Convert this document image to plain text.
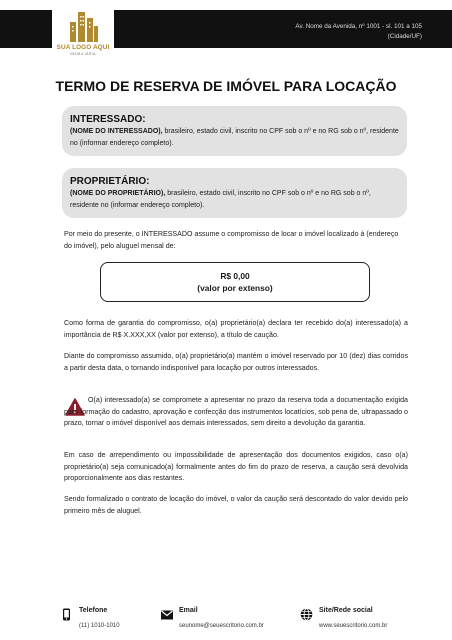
SUA LOGO AQUI
IMOBILIÁRIA
Av. Nome da Avenida, nº 1001 - sl. 101 a 105
(Cidade/UF)
TERMO DE RESERVA DE IMÓVEL PARA LOCAÇÃO
INTERESSADO:
(NOME DO INTERESSADO), brasileiro, estado civil, inscrito no CPF sob o nº e no RG sob o nº, residente no (informar endereço completo).
PROPRIETÁRIO:
(NOME DO PROPRIETÁRIO), brasileiro, estado civil, inscrito no CPF sob o nº e no RG sob o nº, residente no (informar endereço completo).
Por meio do presente, o INTERESSADO assume o compromisso de locar o imóvel localizado à (endereço do imóvel), pelo aluguel mensal de:
R$ 0,00
(valor por extenso)
Como forma de garantia do compromisso, o(a) proprietário(a) declara ter recebido do(a) interessado(a) a importância de R$ X.XXX,XX (valor por extenso), a título de caução.
Diante do compromisso assumido, o(a) proprietário(a) mantém o imóvel reservado por 10 (dez) dias corridos a partir desta data, o tornando indisponível para locação por outros interessados.
O(a) interessado(a) se compromete a apresentar no prazo da reserva toda a documentação exigida para formação do cadastro, aprovação e confecção dos instrumentos locatícios, sob pena de, ultrapassado o prazo, tornar o imóvel disponível aos demais interessados, sem direito a devolução da garantia.
Em caso de arrependimento ou impossibilidade de apresentação dos documentos exigidos, caso o(a) proprietário(a) seja comunicado(a) formalmente antes do fim do prazo de reserva, a caução será devolvida proporcionalmente aos dias restantes.
Sendo formalizado o contrato de locação do imóvel, o valor da caução será descontado do valor devido pelo primeiro mês de aluguel.
Telefone
(11) 1010-1010
Email
seunome@seuescritorio.com.br
Site/Rede social
www.seuescritorio.com.br
